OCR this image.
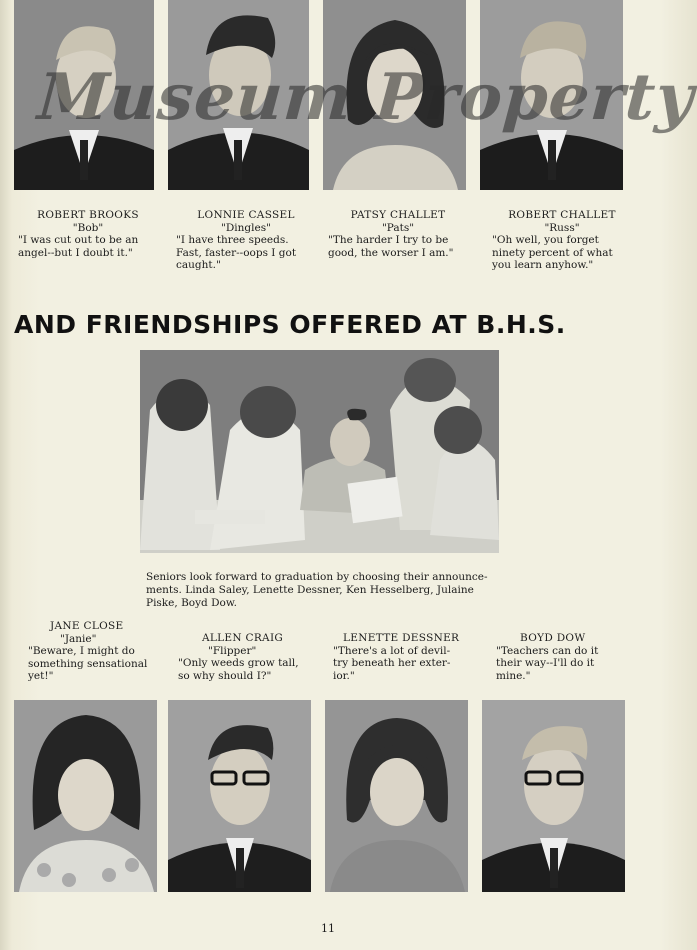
Museum Property
ROBERT BROOKS
"Bob"
"I was cut out to be an
angel--but I doubt it."
LONNIE CASSEL
"Dingles"
"I have three speeds.
Fast, faster--oops I got
caught."
PATSY CHALLET
"Pats"
"The harder I try to be
good, the worser I am."
ROBERT CHALLET
"Russ"
"Oh well, you forget
ninety percent of what
you learn anyhow."
AND FRIENDSHIPS OFFERED AT B.H.S.
Seniors look forward to graduation by choosing their announce-ments. Linda Saley, Lenette Dessner, Ken Hesselberg, Julaine Piske, Boyd Dow.
JANE CLOSE
"Janie"
"Beware, I might do
something sensational
yet!"
ALLEN CRAIG
"Flipper"
"Only weeds grow tall,
so why should I?"
LENETTE DESSNER
"There's a lot of devil-
try beneath her exter-
ior."
BOYD DOW
"Teachers can do it
their way--I'll do it
mine."
11
